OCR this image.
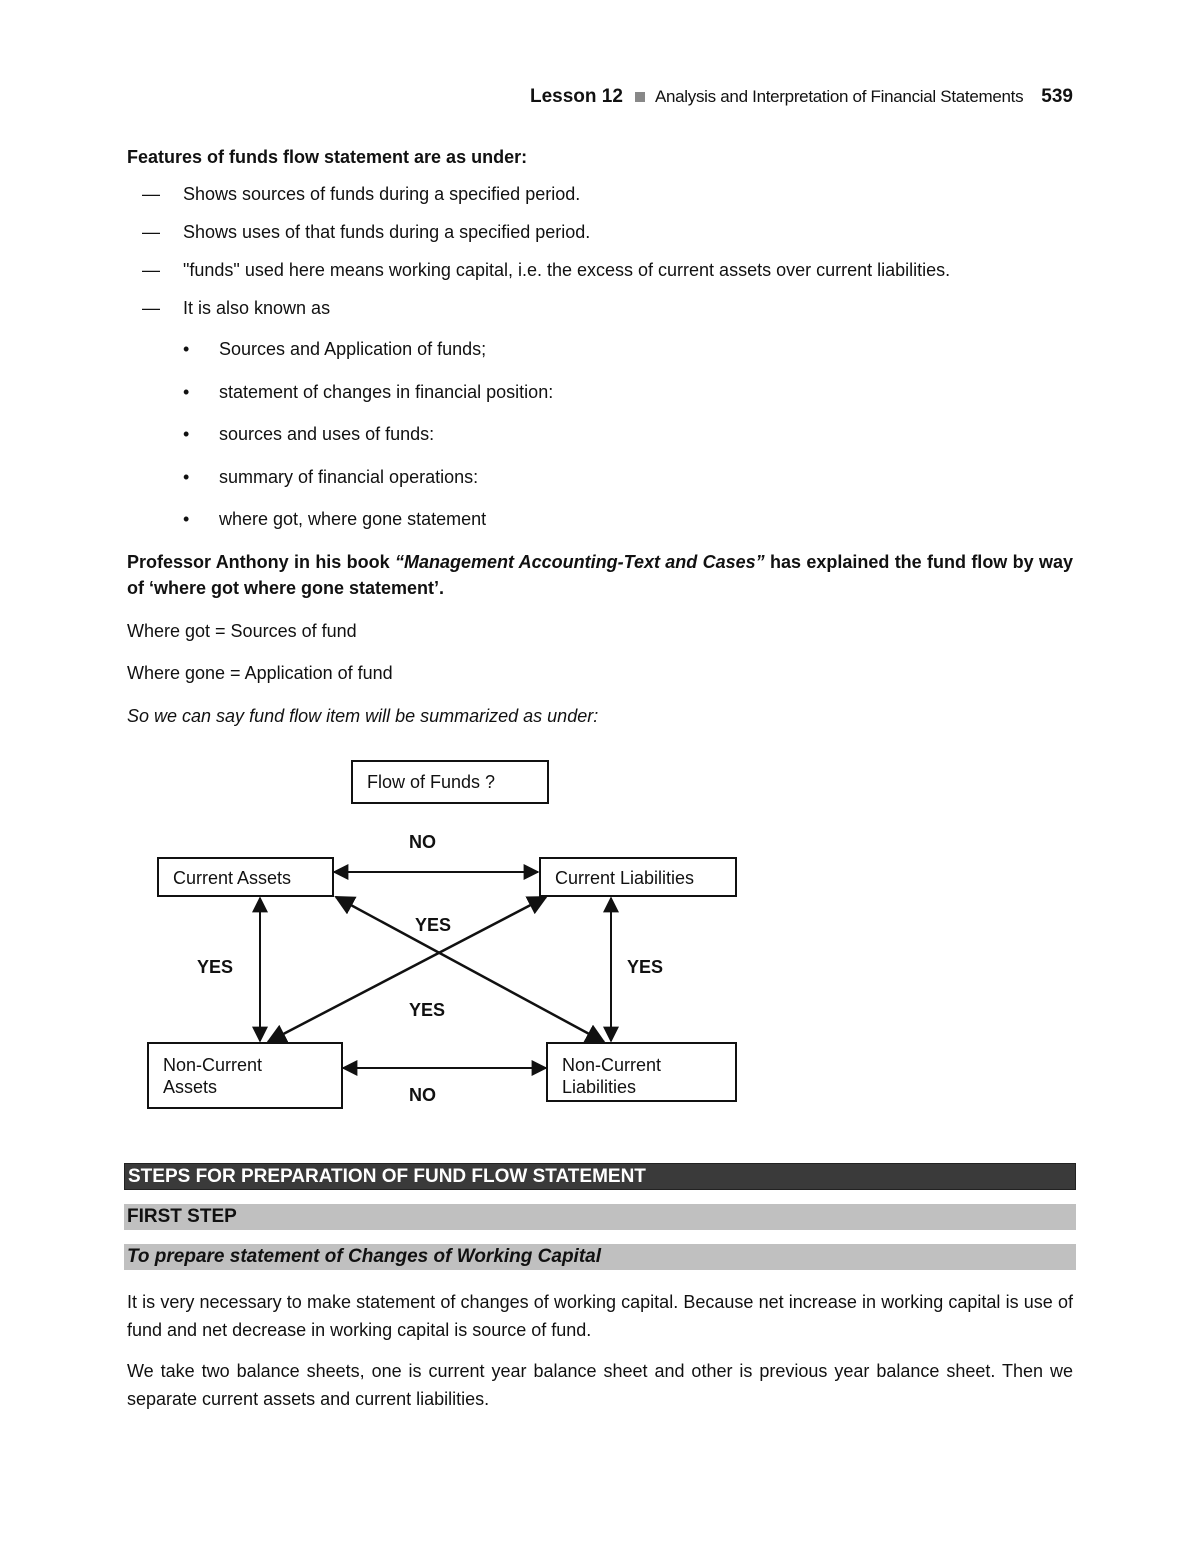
Lesson 12 Analysis and Interpretation of Financial Statements 539
Features of funds flow statement are as under:
— Shows sources of funds during a specified period.
— Shows uses of that funds during a specified period.
— "funds" used here means working capital, i.e. the excess of current assets over current liabilities.
— It is also known as
• Sources and Application of funds;
• statement of changes in financial position:
• sources and uses of funds:
• summary of financial operations:
• where got, where gone statement
Professor Anthony in his book “Management Accounting-Text and Cases” has explained the fund flow by way of ‘where got where gone statement’.
Where got = Sources of fund
Where gone = Application of fund
So we can say fund flow item will be summarized as under:
Flow of Funds ?
NO
Current Assets	Current Liabilities
YES
YES	YES
YES
Non-Current
Assets
Non-Current
Liabilities
NO
STEPS FOR PREPARATION OF FUND FLOW STATEMENT
FIRST STEP
To prepare statement of Changes of Working Capital
It is very necessary to make statement of changes of working capital. Because net increase in working capital is use of fund and net decrease in working capital is source of fund.
We take two balance sheets, one is current year balance sheet and other is previous year balance sheet. Then we separate current assets and current liabilities.
